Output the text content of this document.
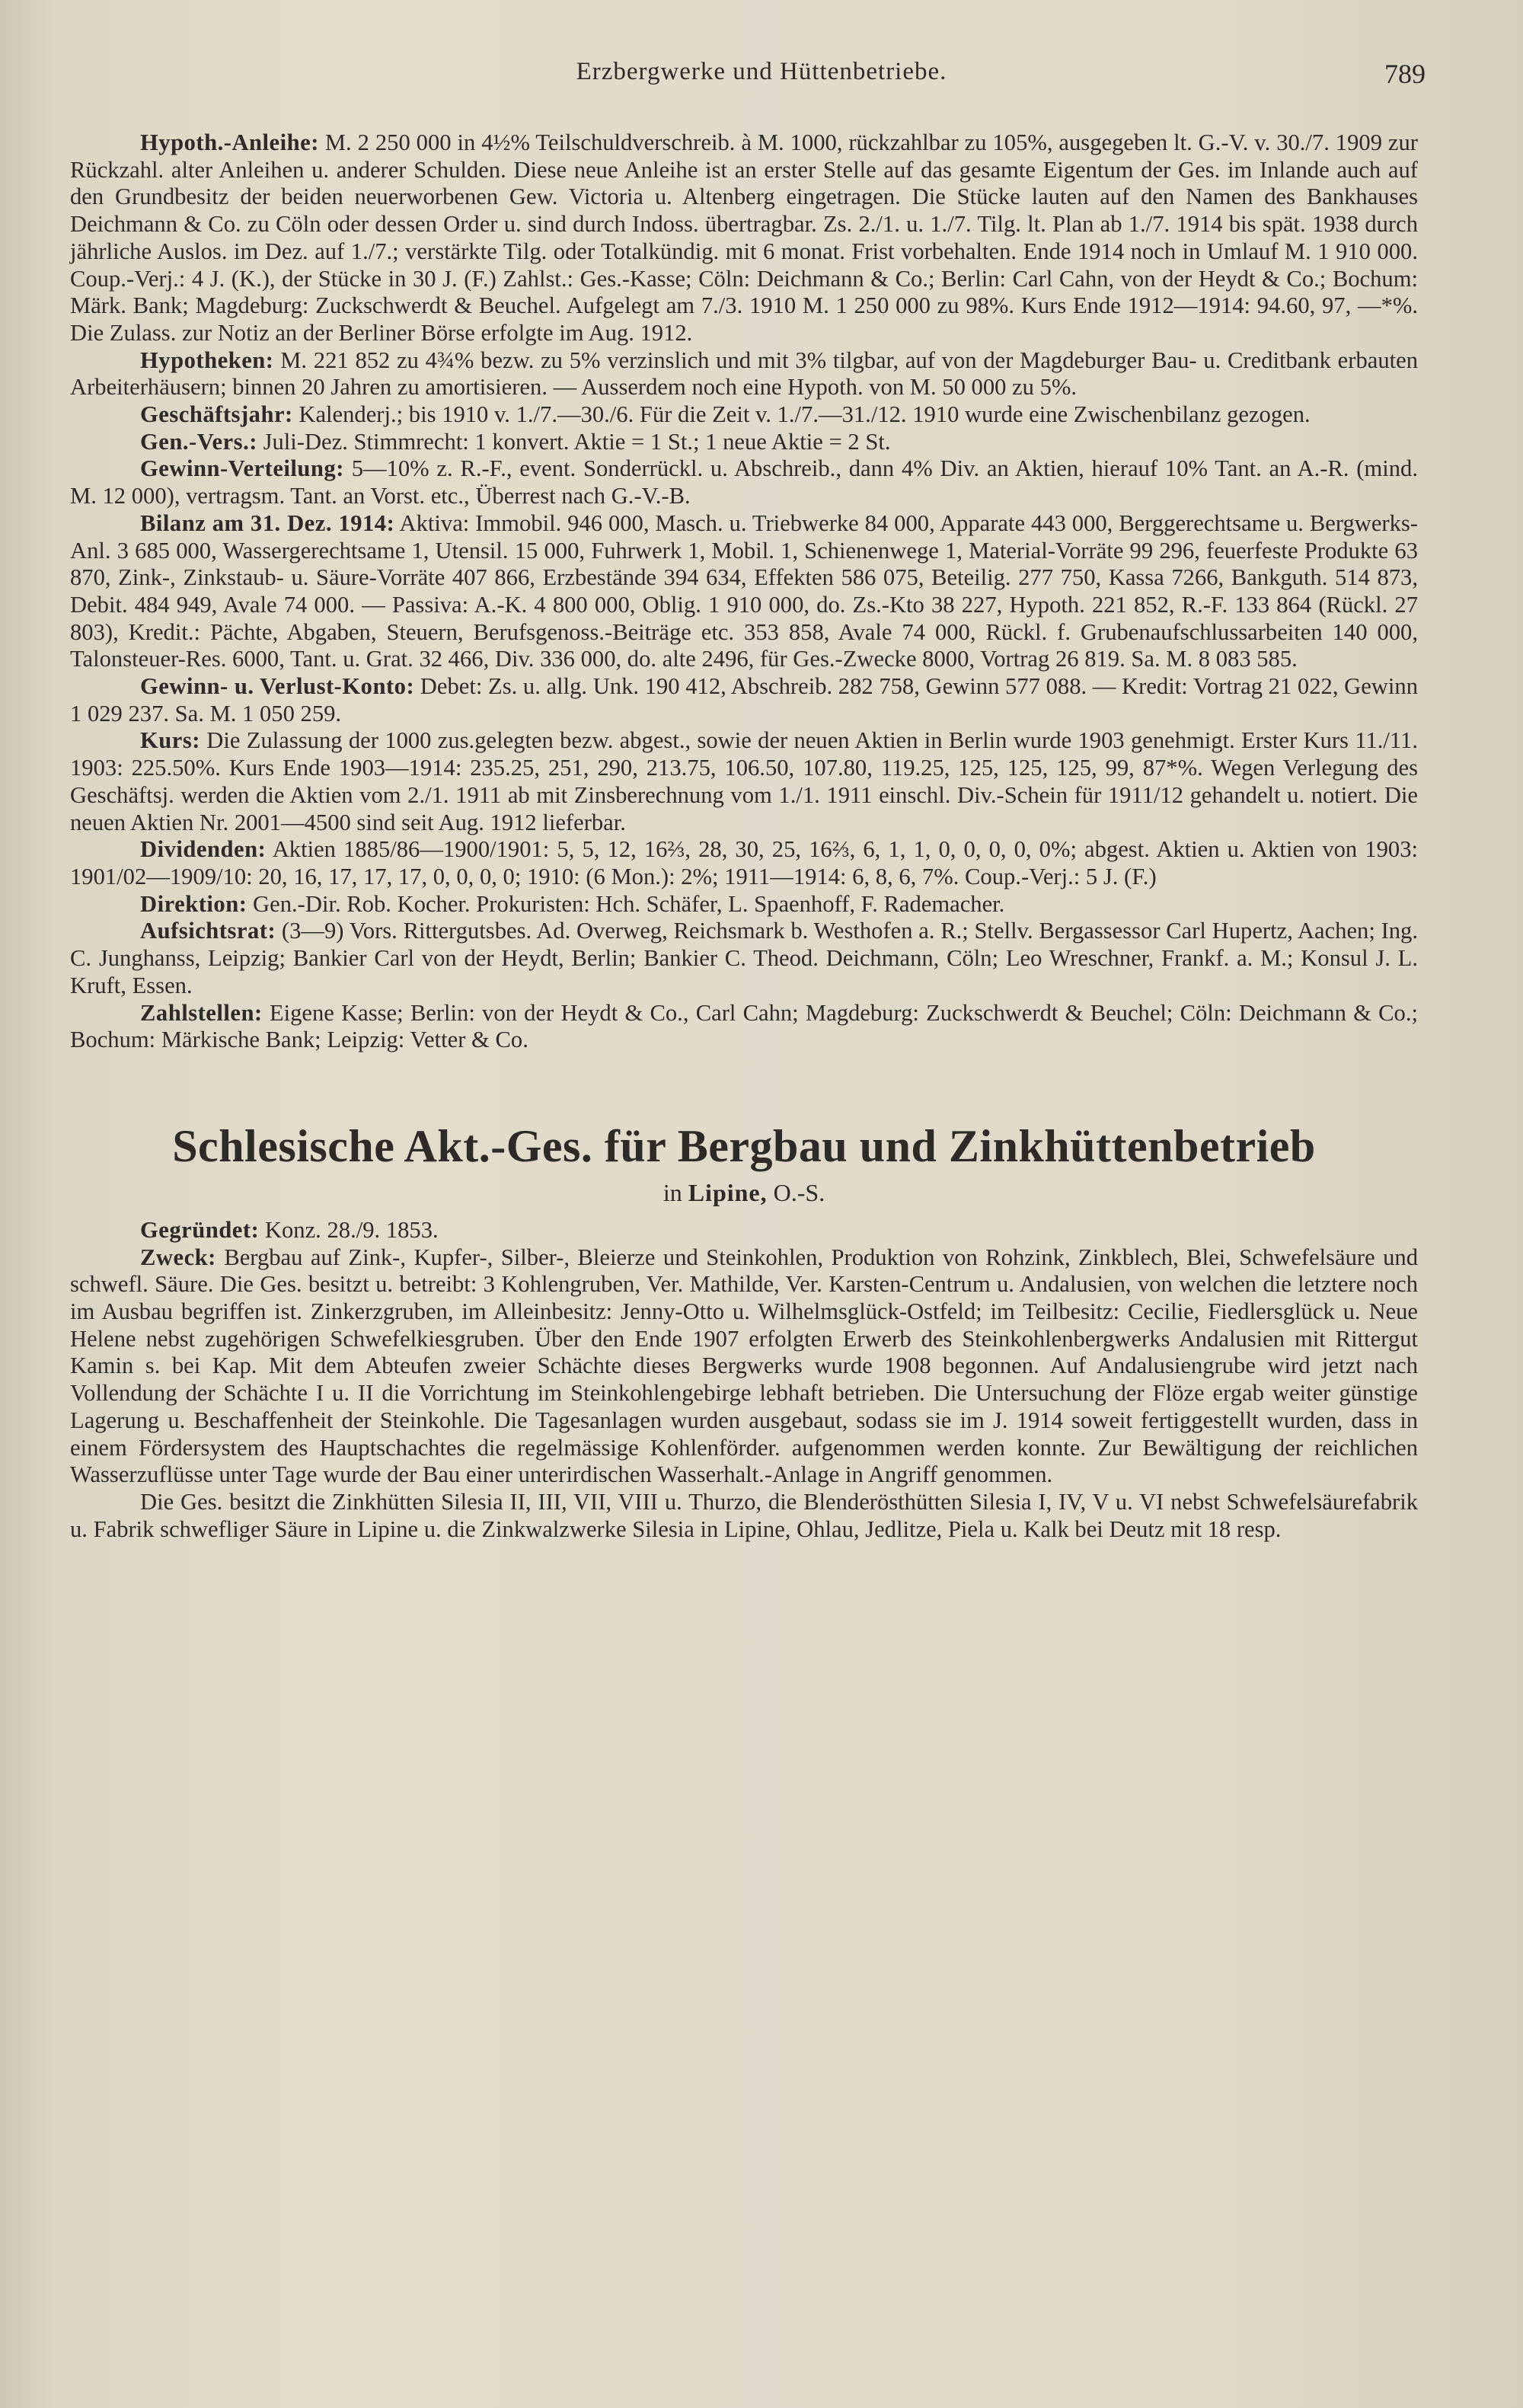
Erzbergwerke und Hüttenbetriebe.	789

Hypoth.-Anleihe: M. 2 250 000 in 4½% Teilschuldverschreib. à M. 1000, rückzahlbar zu 105%, ausgegeben lt. G.-V. v. 30./7. 1909 zur Rückzahl. alter Anleihen u. anderer Schulden. Diese neue Anleihe ist an erster Stelle auf das gesamte Eigentum der Ges. im Inlande auch auf den Grundbesitz der beiden neuerworbenen Gew. Victoria u. Altenberg eingetragen. Die Stücke lauten auf den Namen des Bankhauses Deichmann & Co. zu Cöln oder dessen Order u. sind durch Indoss. übertragbar. Zs. 2./1. u. 1./7. Tilg. lt. Plan ab 1./7. 1914 bis spät. 1938 durch jährliche Auslos. im Dez. auf 1./7.; verstärkte Tilg. oder Totalkündig. mit 6 monat. Frist vorbehalten. Ende 1914 noch in Umlauf M. 1 910 000. Coup.-Verj.: 4 J. (K.), der Stücke in 30 J. (F.) Zahlst.: Ges.-Kasse; Cöln: Deichmann & Co.; Berlin: Carl Cahn, von der Heydt & Co.; Bochum: Märk. Bank; Magdeburg: Zuckschwerdt & Beuchel. Aufgelegt am 7./3. 1910 M. 1 250 000 zu 98%. Kurs Ende 1912—1914: 94.60, 97, —*%. Die Zulass. zur Notiz an der Berliner Börse erfolgte im Aug. 1912.

Hypotheken: M. 221 852 zu 4¾% bezw. zu 5% verzinslich und mit 3% tilgbar, auf von der Magdeburger Bau- u. Creditbank erbauten Arbeiterhäusern; binnen 20 Jahren zu amortisieren. — Ausserdem noch eine Hypoth. von M. 50 000 zu 5%.

Geschäftsjahr: Kalenderj.; bis 1910 v. 1./7.—30./6. Für die Zeit v. 1./7.—31./12. 1910 wurde eine Zwischenbilanz gezogen.

Gen.-Vers.: Juli-Dez. Stimmrecht: 1 konvert. Aktie = 1 St.; 1 neue Aktie = 2 St.

Gewinn-Verteilung: 5—10% z. R.-F., event. Sonderrückl. u. Abschreib., dann 4% Div. an Aktien, hierauf 10% Tant. an A.-R. (mind. M. 12 000), vertragsm. Tant. an Vorst. etc., Überrest nach G.-V.-B.

Bilanz am 31. Dez. 1914: Aktiva: Immobil. 946 000, Masch. u. Triebwerke 84 000, Apparate 443 000, Berggerechtsame u. Bergwerks-Anl. 3 685 000, Wassergerechtsame 1, Utensil. 15 000, Fuhrwerk 1, Mobil. 1, Schienenwege 1, Material-Vorräte 99 296, feuerfeste Produkte 63 870, Zink-, Zinkstaub- u. Säure-Vorräte 407 866, Erzbestände 394 634, Effekten 586 075, Beteilig. 277 750, Kassa 7266, Bankguth. 514 873, Debit. 484 949, Avale 74 000. — Passiva: A.-K. 4 800 000, Oblig. 1 910 000, do. Zs.-Kto 38 227, Hypoth. 221 852, R.-F. 133 864 (Rückl. 27 803), Kredit.: Pächte, Abgaben, Steuern, Berufsgenoss.-Beiträge etc. 353 858, Avale 74 000, Rückl. f. Grubenaufschlussarbeiten 140 000, Talonsteuer-Res. 6000, Tant. u. Grat. 32 466, Div. 336 000, do. alte 2496, für Ges.-Zwecke 8000, Vortrag 26 819. Sa. M. 8 083 585.

Gewinn- u. Verlust-Konto: Debet: Zs. u. allg. Unk. 190 412, Abschreib. 282 758, Gewinn 577 088. — Kredit: Vortrag 21 022, Gewinn 1 029 237. Sa. M. 1 050 259.

Kurs: Die Zulassung der 1000 zus.gelegten bezw. abgest., sowie der neuen Aktien in Berlin wurde 1903 genehmigt. Erster Kurs 11./11. 1903: 225.50%. Kurs Ende 1903—1914: 235.25, 251, 290, 213.75, 106.50, 107.80, 119.25, 125, 125, 125, 99, 87*%. Wegen Verlegung des Geschäftsj. werden die Aktien vom 2./1. 1911 ab mit Zinsberechnung vom 1./1. 1911 einschl. Div.-Schein für 1911/12 gehandelt u. notiert. Die neuen Aktien Nr. 2001—4500 sind seit Aug. 1912 lieferbar.

Dividenden: Aktien 1885/86—1900/1901: 5, 5, 12, 16⅔, 28, 30, 25, 16⅔, 6, 1, 1, 0, 0, 0, 0, 0%; abgest. Aktien u. Aktien von 1903: 1901/02—1909/10: 20, 16, 17, 17, 17, 0, 0, 0, 0; 1910: (6 Mon.): 2%; 1911—1914: 6, 8, 6, 7%. Coup.-Verj.: 5 J. (F.)

Direktion: Gen.-Dir. Rob. Kocher. Prokuristen: Hch. Schäfer, L. Spaenhoff, F. Rademacher.

Aufsichtsrat: (3—9) Vors. Rittergutsbes. Ad. Overweg, Reichsmark b. Westhofen a. R.; Stellv. Bergassessor Carl Hupertz, Aachen; Ing. C. Junghanss, Leipzig; Bankier Carl von der Heydt, Berlin; Bankier C. Theod. Deichmann, Cöln; Leo Wreschner, Frankf. a. M.; Konsul J. L. Kruft, Essen.

Zahlstellen: Eigene Kasse; Berlin: von der Heydt & Co., Carl Cahn; Magdeburg: Zuckschwerdt & Beuchel; Cöln: Deichmann & Co.; Bochum: Märkische Bank; Leipzig: Vetter & Co.

Schlesische Akt.-Ges. für Bergbau und Zinkhüttenbetrieb
in Lipine, O.-S.

Gegründet: Konz. 28./9. 1853.

Zweck: Bergbau auf Zink-, Kupfer-, Silber-, Bleierze und Steinkohlen, Produktion von Rohzink, Zinkblech, Blei, Schwefelsäure und schwefl. Säure. Die Ges. besitzt u. betreibt: 3 Kohlengruben, Ver. Mathilde, Ver. Karsten-Centrum u. Andalusien, von welchen die letztere noch im Ausbau begriffen ist. Zinkerzgruben, im Alleinbesitz: Jenny-Otto u. Wilhelmsglück-Ostfeld; im Teilbesitz: Cecilie, Fiedlersglück u. Neue Helene nebst zugehörigen Schwefelkiesgruben. Über den Ende 1907 erfolgten Erwerb des Steinkohlenbergwerks Andalusien mit Rittergut Kamin s. bei Kap. Mit dem Abteufen zweier Schächte dieses Bergwerks wurde 1908 begonnen. Auf Andalusiengrube wird jetzt nach Vollendung der Schächte I u. II die Vorrichtung im Steinkohlengebirge lebhaft betrieben. Die Untersuchung der Flöze ergab weiter günstige Lagerung u. Beschaffenheit der Steinkohle. Die Tagesanlagen wurden ausgebaut, sodass sie im J. 1914 soweit fertiggestellt wurden, dass in einem Fördersystem des Hauptschachtes die regelmässige Kohlenförder. aufgenommen werden konnte. Zur Bewältigung der reichlichen Wasserzuflüsse unter Tage wurde der Bau einer unterirdischen Wasserhalt.-Anlage in Angriff genommen.

Die Ges. besitzt die Zinkhütten Silesia II, III, VII, VIII u. Thurzo, die Blenderösthütten Silesia I, IV, V u. VI nebst Schwefelsäurefabrik u. Fabrik schwefliger Säure in Lipine u. die Zinkwalzwerke Silesia in Lipine, Ohlau, Jedlitze, Piela u. Kalk bei Deutz mit 18 resp.
